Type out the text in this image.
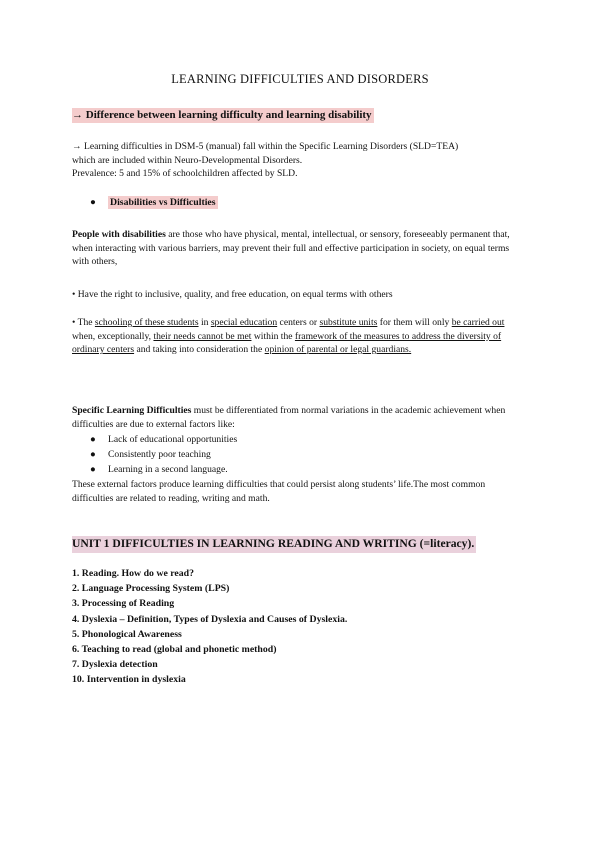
LEARNING DIFFICULTIES AND DISORDERS
→ Difference between learning difficulty and learning disability
→ Learning difficulties in DSM-5 (manual) fall within the Specific Learning Disorders (SLD=TEA)
which are included within Neuro-Developmental Disorders.
Prevalence: 5 and 15% of schoolchildren affected by SLD.
● Disabilities vs Difficulties
People with disabilities are those who have physical, mental, intellectual, or sensory, foreseeably permanent that, when interacting with various barriers, may prevent their full and effective participation in society, on equal terms with others,
• Have the right to inclusive, quality, and free education, on equal terms with others
• The schooling of these students in special education centers or substitute units for them will only be carried out when, exceptionally, their needs cannot be met within the framework of the measures to address the diversity of ordinary centers and taking into consideration the opinion of parental or legal guardians.
Specific Learning Difficulties must be differentiated from normal variations in the academic achievement when difficulties are due to external factors like:
● Lack of educational opportunities
● Consistently poor teaching
● Learning in a second language.
These external factors produce learning difficulties that could persist along students’ life.The most common difficulties are related to reading, writing and math.
UNIT 1 DIFFICULTIES IN LEARNING READING AND WRITING (=literacy).
1. Reading. How do we read?
2. Language Processing System (LPS)
3. Processing of Reading
4. Dyslexia – Definition, Types of Dyslexia and Causes of Dyslexia.
5. Phonological Awareness
6. Teaching to read (global and phonetic method)
7. Dyslexia detection
10. Intervention in dyslexia
